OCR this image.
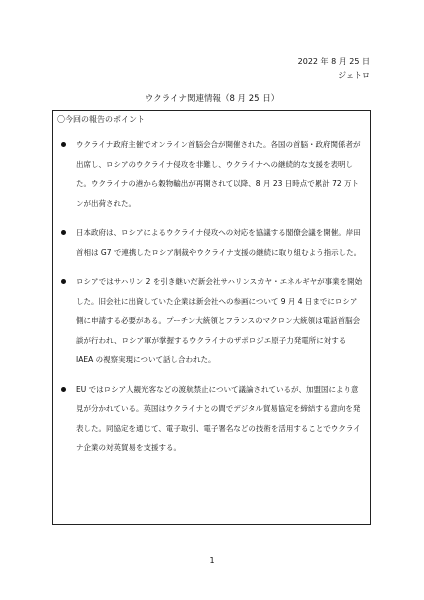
2022 年 8 月 25 日
ジェトロ
ウクライナ関連情報（8 月 25 日）
〇今回の報告のポイント
ウクライナ政府主催でオンライン首脳会合が開催された。各国の首脳・政府関係者が出席し、ロシアのウクライナ侵攻を非難し、ウクライナへの継続的な支援を表明した。ウクライナの港から穀物輸出が再開されて以降、8 月 23 日時点で累計 72 万トンが出荷された。
日本政府は、ロシアによるウクライナ侵攻への対応を協議する閣僚会議を開催。岸田首相は G7 で連携したロシア制裁やウクライナ支援の継続に取り組むよう指示した。
ロシアではサハリン 2 を引き継いだ新会社サハリンスカヤ・エネルギヤが事業を開始した。旧会社に出資していた企業は新会社への参画について 9 月 4 日までにロシア側に申請する必要がある。プーチン大統領とフランスのマクロン大統領は電話首脳会談が行われ、ロシア軍が掌握するウクライナのザポロジエ原子力発電所に対する IAEA の視察実現について話し合われた。
EU ではロシア人観光客などの渡航禁止について議論されているが、加盟国により意見が分かれている。英国はウクライナとの間でデジタル貿易協定を締結する意向を発表した。同協定を通じて、電子取引、電子署名などの技術を活用することでウクライナ企業の対英貿易を支援する。
1
